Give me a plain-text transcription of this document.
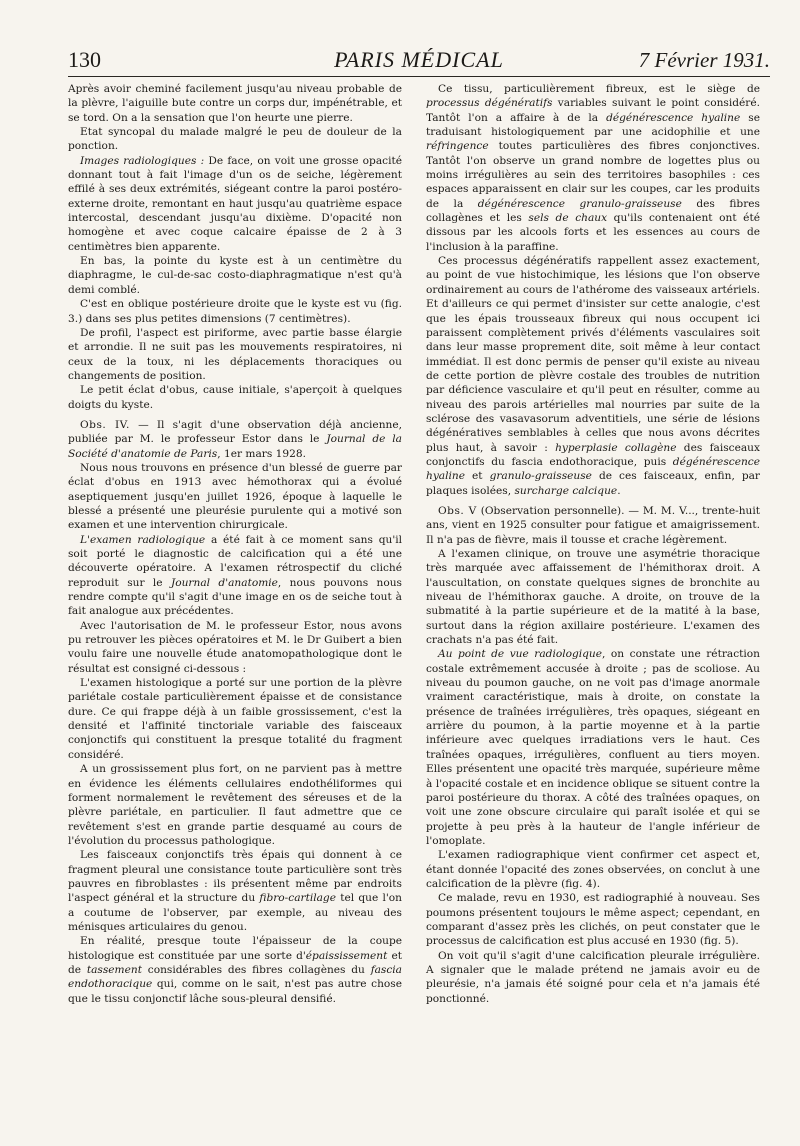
130	PARIS MÉDICAL	7 Février 1931.

Après avoir cheminé facilement jusqu'au niveau probable de la plèvre, l'aiguille bute contre un corps dur, impénétrable, et se tord. On a la sensation que l'on heurte une pierre.

Etat syncopal du malade malgré le peu de douleur de la ponction.

Images radiologiques : De face, on voit une grosse opacité donnant tout à fait l'image d'un os de seiche, légèrement effilé à ses deux extrémités, siégeant contre la paroi postéro-externe droite, remontant en haut jusqu'au quatrième espace intercostal, descendant jusqu'au dixième. D'opacité non homogène et avec coque calcaire épaisse de 2 à 3 centimètres bien apparente.

En bas, la pointe du kyste est à un centimètre du diaphragme, le cul-de-sac costo-diaphragmatique n'est qu'à demi comblé.

C'est en oblique postérieure droite que le kyste est vu (fig. 3.) dans ses plus petites dimensions (7 centimètres).

De profil, l'aspect est piriforme, avec partie basse élargie et arrondie. Il ne suit pas les mouvements respiratoires, ni ceux de la toux, ni les déplacements thoraciques ou changements de position.

Le petit éclat d'obus, cause initiale, s'aperçoit à quelques doigts du kyste.

Obs. IV. — Il s'agit d'une observation déjà ancienne, publiée par M. le professeur Estor dans le Journal de la Société d'anatomie de Paris, 1er mars 1928.

Nous nous trouvons en présence d'un blessé de guerre par éclat d'obus en 1913 avec hémothorax qui a évolué aseptiquement jusqu'en juillet 1926, époque à laquelle le blessé a présenté une pleurésie purulente qui a motivé son examen et une intervention chirurgicale.

L'examen radiologique a été fait à ce moment sans qu'il soit porté le diagnostic de calcification qui a été une découverte opératoire. A l'examen rétrospectif du cliché reproduit sur le Journal d'anatomie, nous pouvons nous rendre compte qu'il s'agit d'une image en os de seiche tout à fait analogue aux précédentes.

Avec l'autorisation de M. le professeur Estor, nous avons pu retrouver les pièces opératoires et M. le Dr Guibert a bien voulu faire une nouvelle étude anatomopathologique dont le résultat est consigné ci-dessous :

L'examen histologique a porté sur une portion de la plèvre pariétale costale particulièrement épaisse et de consistance dure. Ce qui frappe déjà à un faible grossissement, c'est la densité et l'affinité tinctoriale variable des faisceaux conjonctifs qui constituent la presque totalité du fragment considéré.

A un grossissement plus fort, on ne parvient pas à mettre en évidence les éléments cellulaires endothéliformes qui forment normalement le revêtement des séreuses et de la plèvre pariétale, en particulier. Il faut admettre que ce revêtement s'est en grande partie desquamé au cours de l'évolution du processus pathologique.

Les faisceaux conjonctifs très épais qui donnent à ce fragment pleural une consistance toute particulière sont très pauvres en fibroblastes : ils présentent même par endroits l'aspect général et la structure du fibro-cartilage tel que l'on a coutume de l'observer, par exemple, au niveau des ménisques articulaires du genou.

En réalité, presque toute l'épaisseur de la coupe histologique est constituée par une sorte d'épaississement et de tassement considérables des fibres collagènes du fascia endothoracique qui, comme on le sait, n'est pas autre chose que le tissu conjonctif lâche sous-pleural densifié.

Ce tissu, particulièrement fibreux, est le siège de processus dégénératifs variables suivant le point considéré. Tantôt l'on a affaire à de la dégénérescence hyaline se traduisant histologiquement par une acidophilie et une réfringence toutes particulières des fibres conjonctives. Tantôt l'on observe un grand nombre de logettes plus ou moins irrégulières au sein des territoires basophiles : ces espaces apparaissent en clair sur les coupes, car les produits de la dégénérescence granulo-graisseuse des fibres collagènes et les sels de chaux qu'ils contenaient ont été dissous par les alcools forts et les essences au cours de l'inclusion à la paraffine.

Ces processus dégénératifs rappellent assez exactement, au point de vue histochimique, les lésions que l'on observe ordinairement au cours de l'athérome des vaisseaux artériels. Et d'ailleurs ce qui permet d'insister sur cette analogie, c'est que les épais trousseaux fibreux qui nous occupent ici paraissent complètement privés d'éléments vasculaires soit dans leur masse proprement dite, soit même à leur contact immédiat. Il est donc permis de penser qu'il existe au niveau de cette portion de plèvre costale des troubles de nutrition par déficience vasculaire et qu'il peut en résulter, comme au niveau des parois artérielles mal nourries par suite de la sclérose des vasavasorum adventitiels, une série de lésions dégénératives semblables à celles que nous avons décrites plus haut, à savoir : hyperplasie collagène des faisceaux conjonctifs du fascia endothoracique, puis dégénérescence hyaline et granulo-graisseuse de ces faisceaux, enfin, par plaques isolées, surcharge calcique.

Obs. V (Observation personnelle). — M. M. V..., trente-huit ans, vient en 1925 consulter pour fatigue et amaigrissement. Il n'a pas de fièvre, mais il tousse et crache légèrement.

A l'examen clinique, on trouve une asymétrie thoracique très marquée avec affaissement de l'hémithorax droit. A l'auscultation, on constate quelques signes de bronchite au niveau de l'hémithorax gauche. A droite, on trouve de la submatité à la partie supérieure et de la matité à la base, surtout dans la région axillaire postérieure. L'examen des crachats n'a pas été fait.

Au point de vue radiologique, on constate une rétraction costale extrêmement accusée à droite ; pas de scoliose. Au niveau du poumon gauche, on ne voit pas d'image anormale vraiment caractéristique, mais à droite, on constate la présence de traînées irrégulières, très opaques, siégeant en arrière du poumon, à la partie moyenne et à la partie inférieure avec quelques irradiations vers le haut. Ces traînées opaques, irrégulières, confluent au tiers moyen. Elles présentent une opacité très marquée, supérieure même à l'opacité costale et en incidence oblique se situent contre la paroi postérieure du thorax. A côté des traînées opaques, on voit une zone obscure circulaire qui paraît isolée et qui se projette à peu près à la hauteur de l'angle inférieur de l'omoplate.

L'examen radiographique vient confirmer cet aspect et, étant donnée l'opacité des zones observées, on conclut à une calcification de la plèvre (fig. 4).

Ce malade, revu en 1930, est radiographié à nouveau. Ses poumons présentent toujours le même aspect; cependant, en comparant d'assez près les clichés, on peut constater que le processus de calcification est plus accusé en 1930 (fig. 5).

On voit qu'il s'agit d'une calcification pleurale irrégulière. A signaler que le malade prétend ne jamais avoir eu de pleurésie, n'a jamais été soigné pour cela et n'a jamais été ponctionné.
